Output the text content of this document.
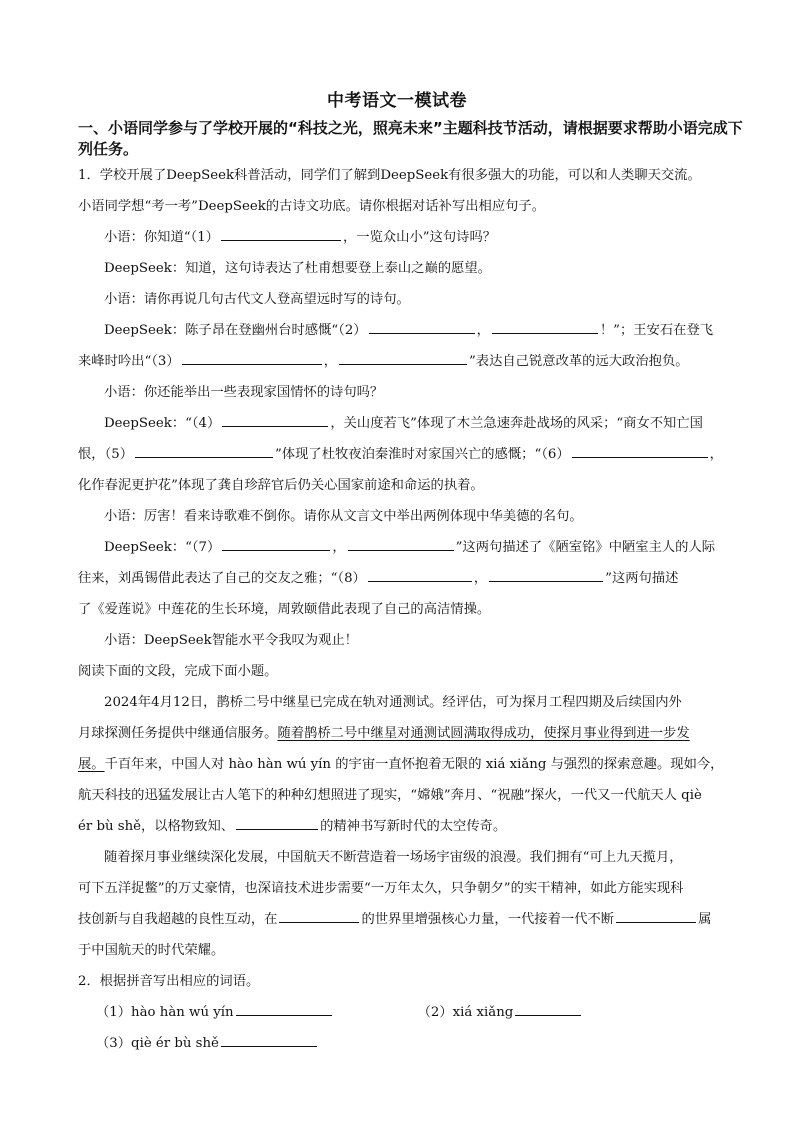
中考语文一模试卷
一、小语同学参与了学校开展的“科技之光，照亮未来”主题科技节活动，请根据要求帮助小语完成下列任务。
1．学校开展了DeepSeek科普活动，同学们了解到DeepSeek有很多强大的功能，可以和人类聊天交流。
小语同学想“考一考”DeepSeek的古诗文功底。请你根据对话补写出相应句子。
小语：你知道“（1）	，一览众山小”这句诗吗？
DeepSeek：知道，这句诗表达了杜甫想要登上泰山之巅的愿望。
小语：请你再说几句古代文人登高望远时写的诗句。
DeepSeek：陈子昂在登幽州台时感慨“（2）	，	！”；王安石在登飞
来峰时吟出“（3）	，	”表达自己锐意改革的远大政治抱负。
小语：你还能举出一些表现家国情怀的诗句吗？
DeepSeek：“（4）	，关山度若飞”体现了木兰急速奔赴战场的风采；“商女不知亡国
恨，（5）	”体现了杜牧夜泊秦淮时对家国兴亡的感慨；“（6）	，
化作春泥更护花”体现了龚自珍辞官后仍关心国家前途和命运的执着。
小语：厉害！看来诗歌难不倒你。请你从文言文中举出两例体现中华美德的名句。
DeepSeek：“（7）	，	”这两句描述了《陋室铭》中陋室主人的人际
往来，刘禹锡借此表达了自己的交友之雅；“（8）	，	”这两句描述
了《爱莲说》中莲花的生长环境，周敦颐借此表现了自己的高洁情操。
小语：DeepSeek智能水平令我叹为观止！
阅读下面的文段，完成下面小题。
2024年4月12日，鹊桥二号中继星已完成在轨对通测试。经评估，可为探月工程四期及后续国内外
月球探测任务提供中继通信服务。随着鹊桥二号中继星对通测试圆满取得成功，使探月事业得到进一步发
展。千百年来，中国人对 hào hàn wú yín 的宇宙一直怀抱着无限的 xiá xiǎng 与强烈的探索意趣。现如今，
航天科技的迅猛发展让古人笔下的种种幻想照进了现实，“嫦娥”奔月、“祝融”探火，一代又一代航天人 qiè
ér bù shě，以格物致知、	的精神书写新时代的太空传奇。
随着探月事业继续深化发展，中国航天不断营造着一场场宇宙级的浪漫。我们拥有“可上九天揽月，
可下五洋捉鳖”的万丈豪情，也深谙技术进步需要“一万年太久，只争朝夕”的实干精神，如此方能实现科
技创新与自我超越的良性互动，在	的世界里增强核心力量，一代接着一代不断	属
于中国航天的时代荣耀。
2．根据拼音写出相应的词语。
（1）hào hàn wú yín	（2）xiá xiǎng
（3）qiè ér bù shě
